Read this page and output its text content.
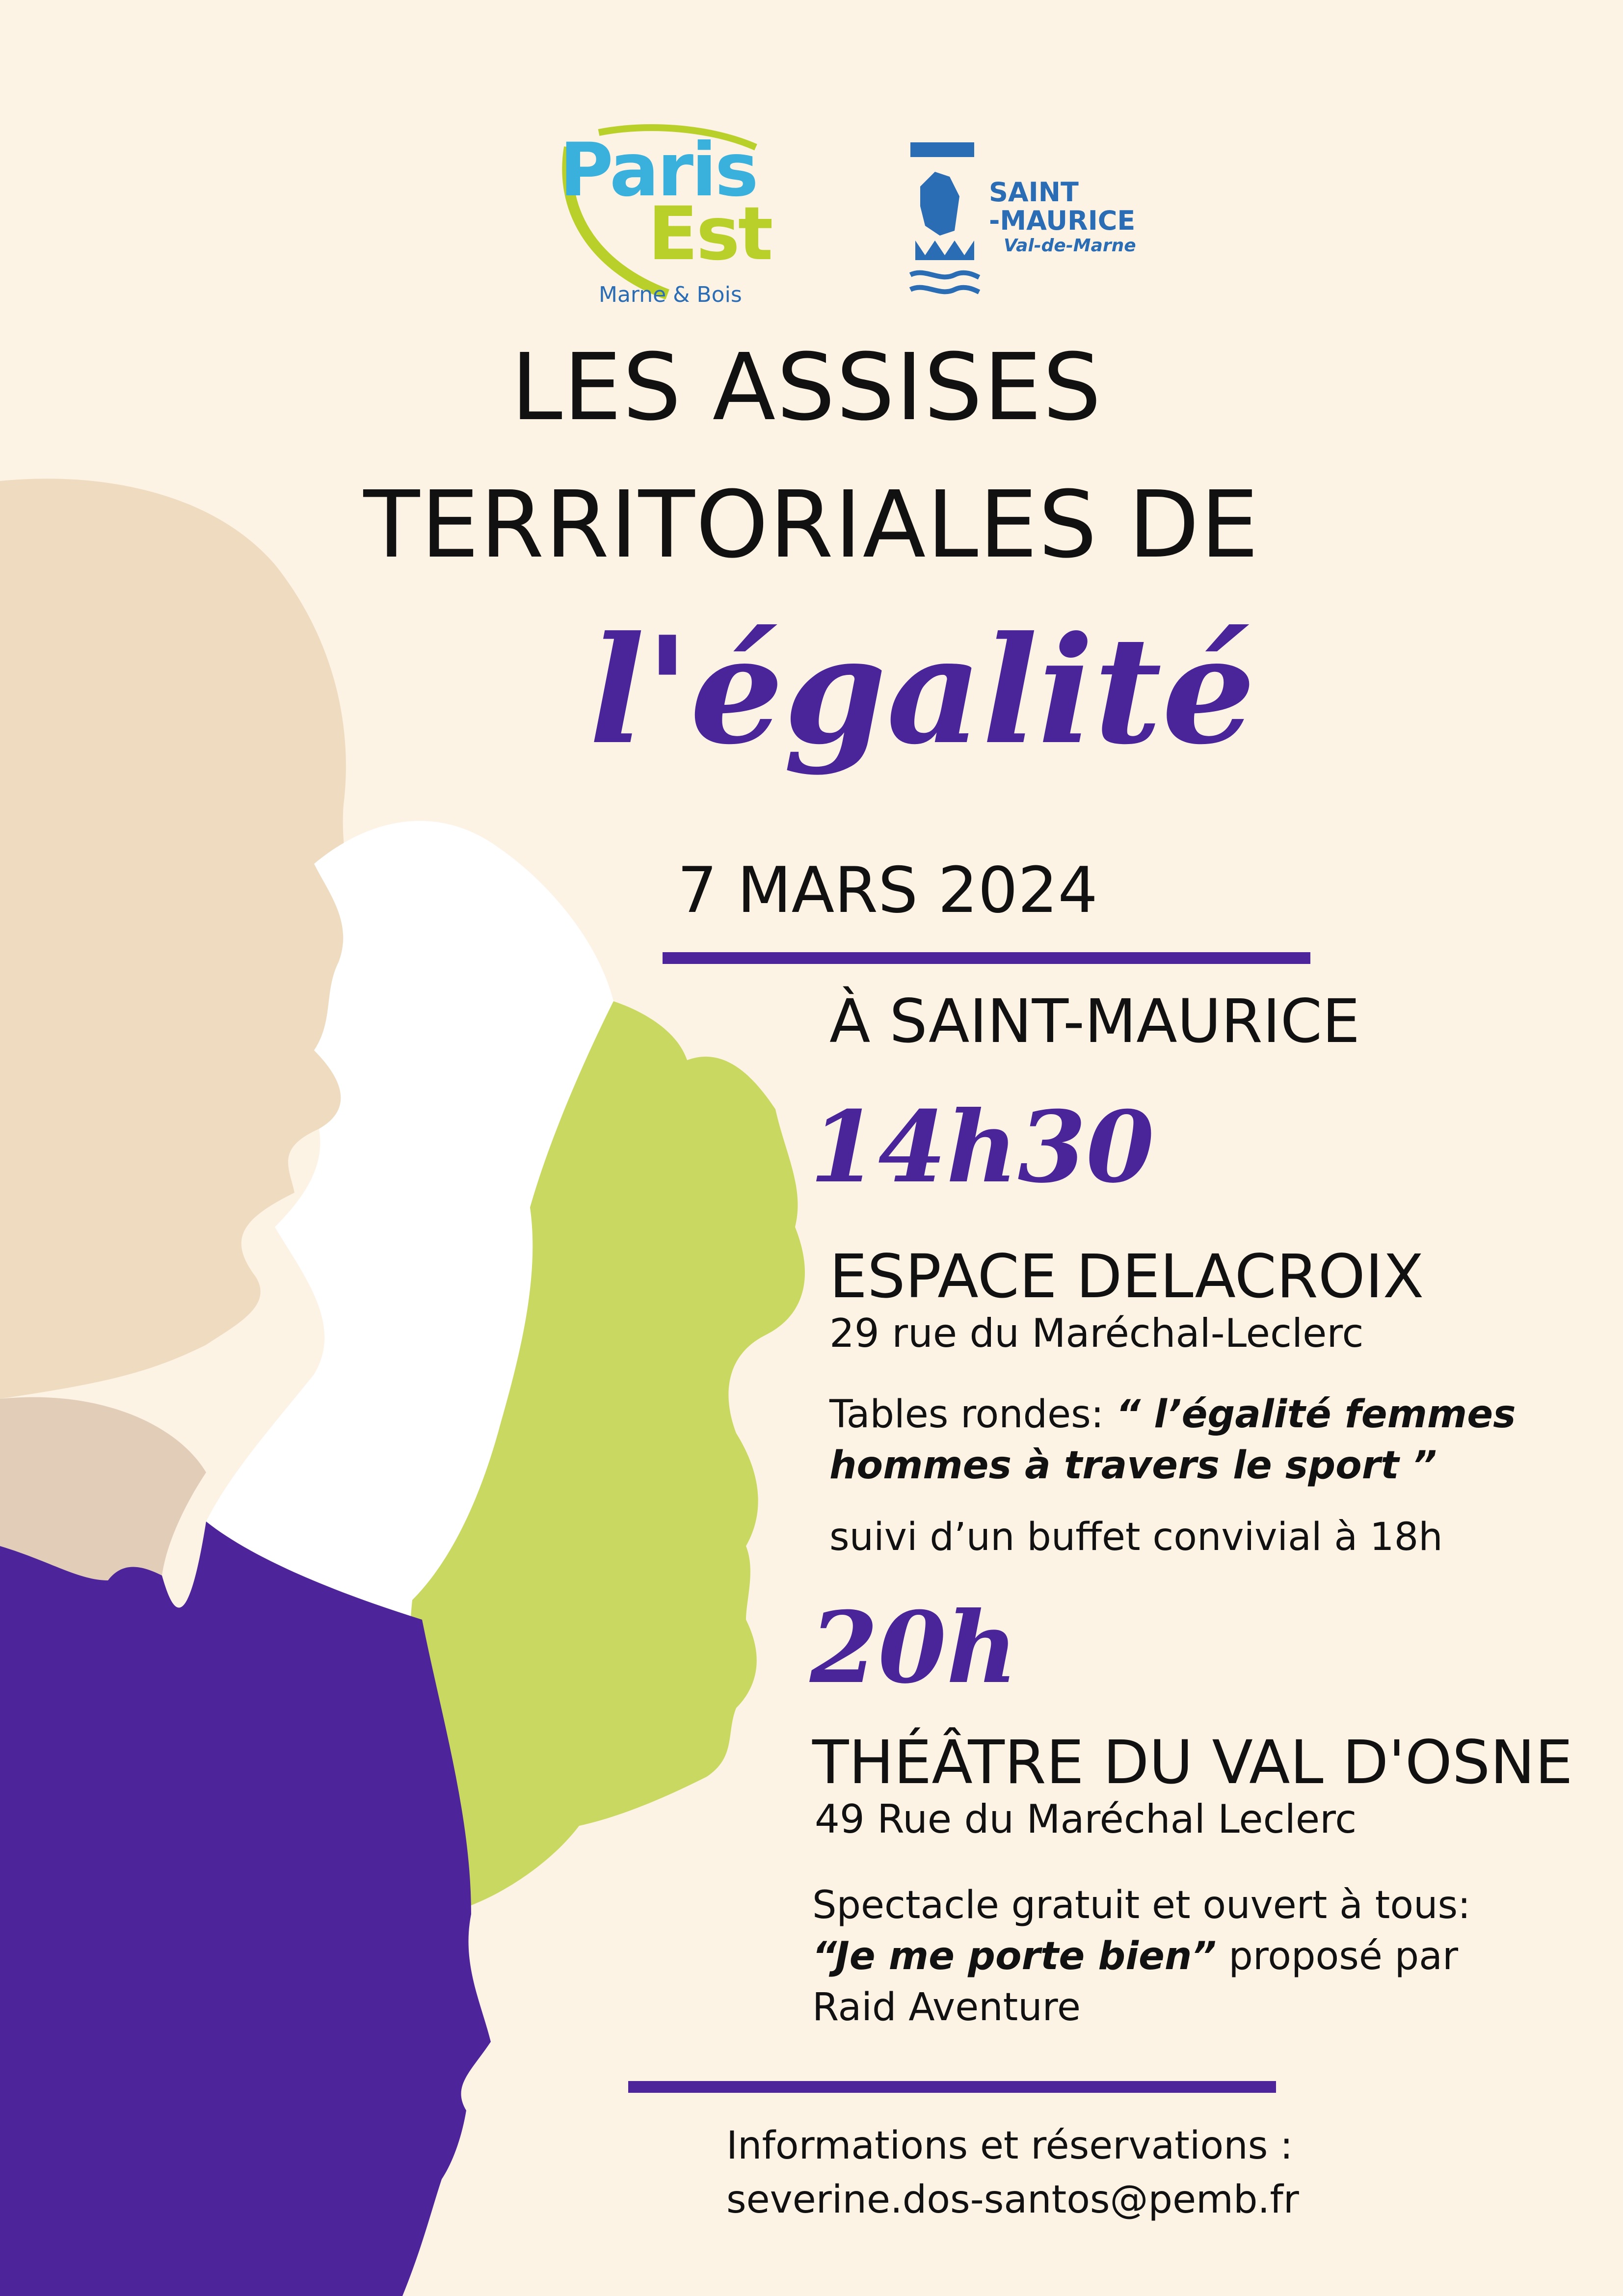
Paris
Est
Marne & Bois
SAINT
-MAURICE
Val-de-Marne
LES ASSISES
TERRITORIALES DE
l'égalité
7 MARS 2024
À SAINT-MAURICE
14h30
ESPACE DELACROIX
29 rue du Maréchal-Leclerc
Tables rondes: “ l’égalité femmes
hommes à travers le sport ”
suivi d’un buffet convivial à 18h
20h
THÉÂTRE DU VAL D'OSNE
49 Rue du Maréchal Leclerc
Spectacle gratuit et ouvert à tous:
“Je me porte bien” proposé par
Raid Aventure
Informations et réservations :
severine.dos-santos@pemb.fr
